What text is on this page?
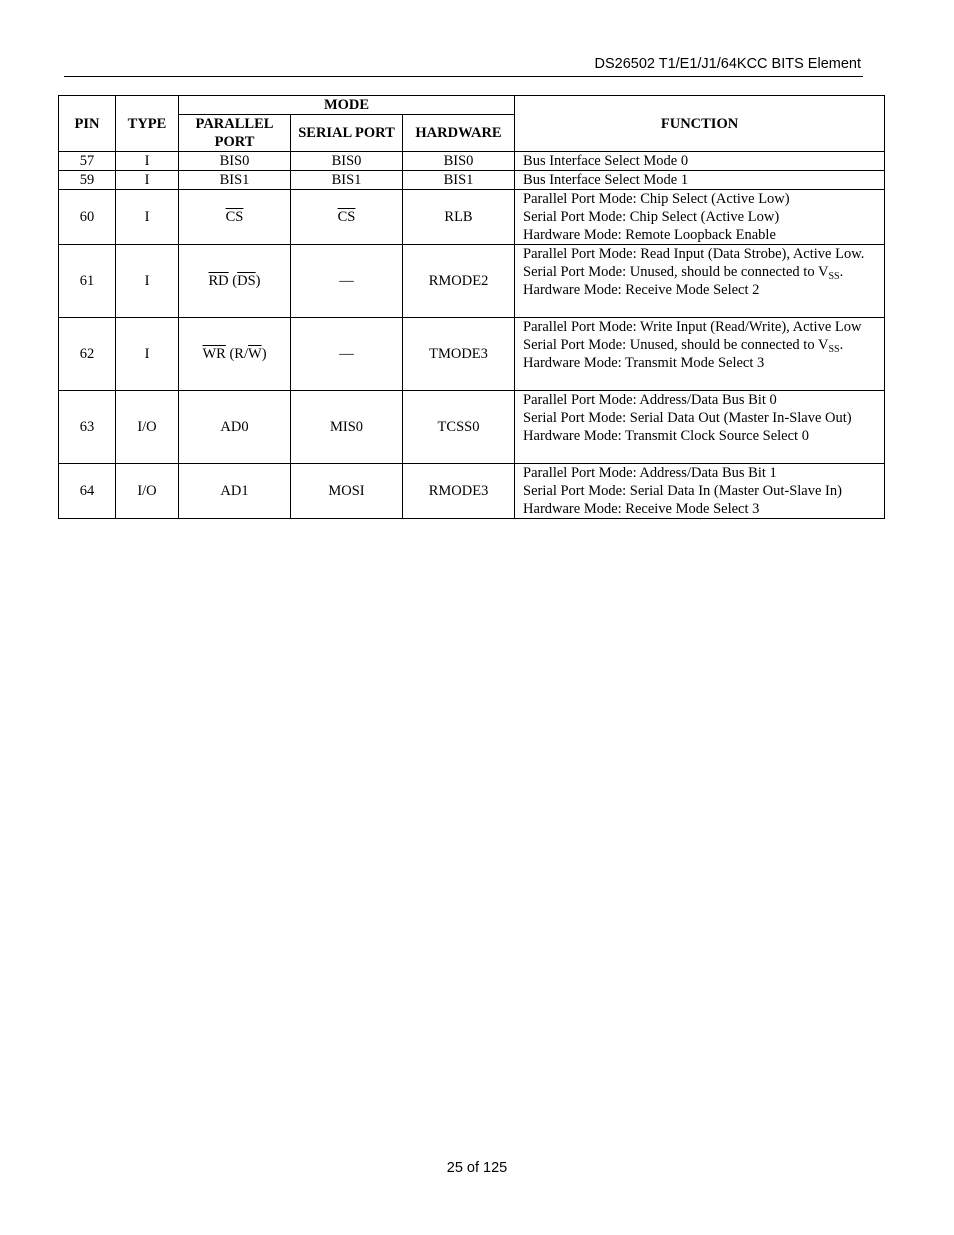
DS26502 T1/E1/J1/64KCC BITS Element
PIN	TYPE	MODE			FUNCTION
		PARALLEL PORT	SERIAL PORT	HARDWARE	
57	I	BIS0	BIS0	BIS0	Bus Interface Select Mode 0

59	I	BIS1	BIS1	BIS1	Bus Interface Select Mode 1

60	I	$\overline{CS}$	$\overline{CS}$	RLB	Parallel Port Mode: Chip Select (Active Low)
Serial Port Mode: Chip Select (Active Low)
Hardware Mode: Remote Loopback Enable

61	I	$\overline{RD}$ $(\overline{DS})$	—	RMODE2	Parallel Port Mode: Read Input (Data Strobe), Active Low.
Serial Port Mode: Unused, should be connected to $V_{SS}$.
Hardware Mode: Receive Mode Select 2

62	I	$\overline{WR}$ $(R/\overline{W})$	—	TMODE3	Parallel Port Mode: Write Input (Read/Write), Active Low
Serial Port Mode: Unused, should be connected to $V_{SS}$.
Hardware Mode: Transmit Mode Select 3

63	I/O	AD0	MIS0	TCSS0	Parallel Port Mode: Address/Data Bus Bit 0
Serial Port Mode: Serial Data Out (Master In-Slave Out)
Hardware Mode: Transmit Clock Source Select 0

64	I/O	AD1	MOSI	RMODE3	Parallel Port Mode: Address/Data Bus Bit 1
Serial Port Mode: Serial Data In (Master Out-Slave In)
Hardware Mode: Receive Mode Select 3
25 of 125
